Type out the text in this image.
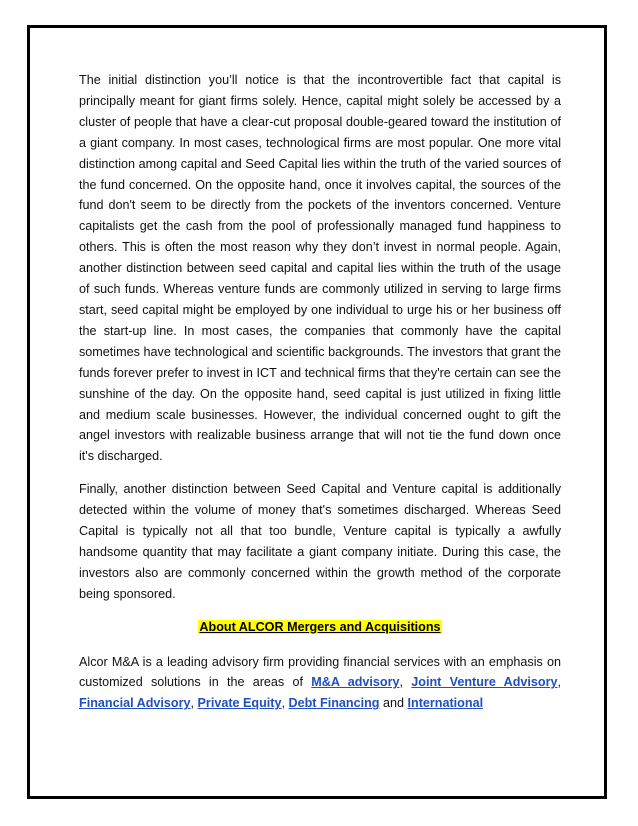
The initial distinction you’ll notice is that the incontrovertible fact that capital is principally meant for giant firms solely. Hence, capital might solely be accessed by a cluster of people that have a clear-cut proposal double-geared toward the institution of a giant company. In most cases, technological firms are most popular. One more vital distinction among capital and Seed Capital lies within the truth of the varied sources of the fund concerned. On the opposite hand, once it involves capital, the sources of the fund don't seem to be directly from the pockets of the inventors concerned. Venture capitalists get the cash from the pool of professionally managed fund happiness to others. This is often the most reason why they don’t invest in normal people. Again, another distinction between seed capital and capital lies within the truth of the usage of such funds. Whereas venture funds are commonly utilized in serving to large firms start, seed capital might be employed by one individual to urge his or her business off the start-up line. In most cases, the companies that commonly have the capital sometimes have technological and scientific backgrounds. The investors that grant the funds forever prefer to invest in ICT and technical firms that they're certain can see the sunshine of the day. On the opposite hand, seed capital is just utilized in fixing little and medium scale businesses. However, the individual concerned ought to gift the angel investors with realizable business arrange that will not tie the fund down once it's discharged.

Finally, another distinction between Seed Capital and Venture capital is additionally detected within the volume of money that's sometimes discharged. Whereas Seed Capital is typically not all that too bundle, Venture capital is typically a awfully handsome quantity that may facilitate a giant company initiate. During this case, the investors also are commonly concerned within the growth method of the corporate being sponsored.

About ALCOR Mergers and Acquisitions

Alcor M&A is a leading advisory firm providing financial services with an emphasis on customized solutions in the areas of M&A advisory, Joint Venture Advisory, Financial Advisory, Private Equity, Debt Financing and International
